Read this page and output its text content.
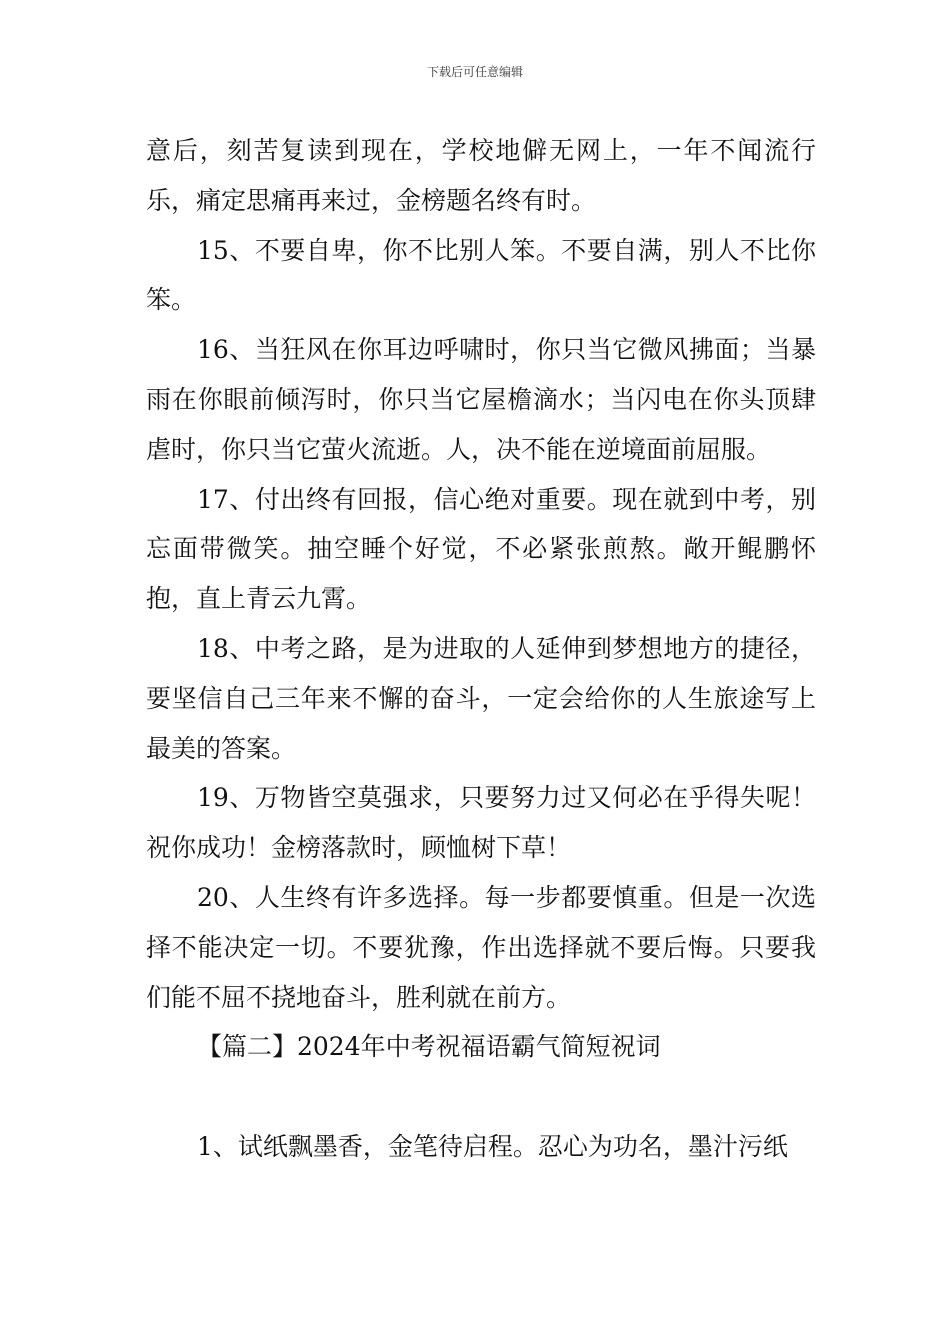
下载后可任意编辑

意后，刻苦复读到现在，学校地僻无网上，一年不闻流行乐，痛定思痛再来过，金榜题名终有时。

15、不要自卑，你不比别人笨。不要自满，别人不比你笨。

16、当狂风在你耳边呼啸时，你只当它微风拂面；当暴雨在你眼前倾泻时，你只当它屋檐滴水；当闪电在你头顶肆虐时，你只当它萤火流逝。人，决不能在逆境面前屈服。

17、付出终有回报，信心绝对重要。现在就到中考，别忘面带微笑。抽空睡个好觉，不必紧张煎熬。敞开鲲鹏怀抱，直上青云九霄。

18、中考之路，是为进取的人延伸到梦想地方的捷径，要坚信自己三年来不懈的奋斗，一定会给你的人生旅途写上最美的答案。

19、万物皆空莫强求，只要努力过又何必在乎得失呢！祝你成功！金榜落款时，顾恤树下草！

20、人生终有许多选择。每一步都要慎重。但是一次选择不能决定一切。不要犹豫，作出选择就不要后悔。只要我们能不屈不挠地奋斗，胜利就在前方。

【篇二】2024年中考祝福语霸气简短祝词

1、试纸飘墨香，金笔待启程。忍心为功名，墨汁污纸
